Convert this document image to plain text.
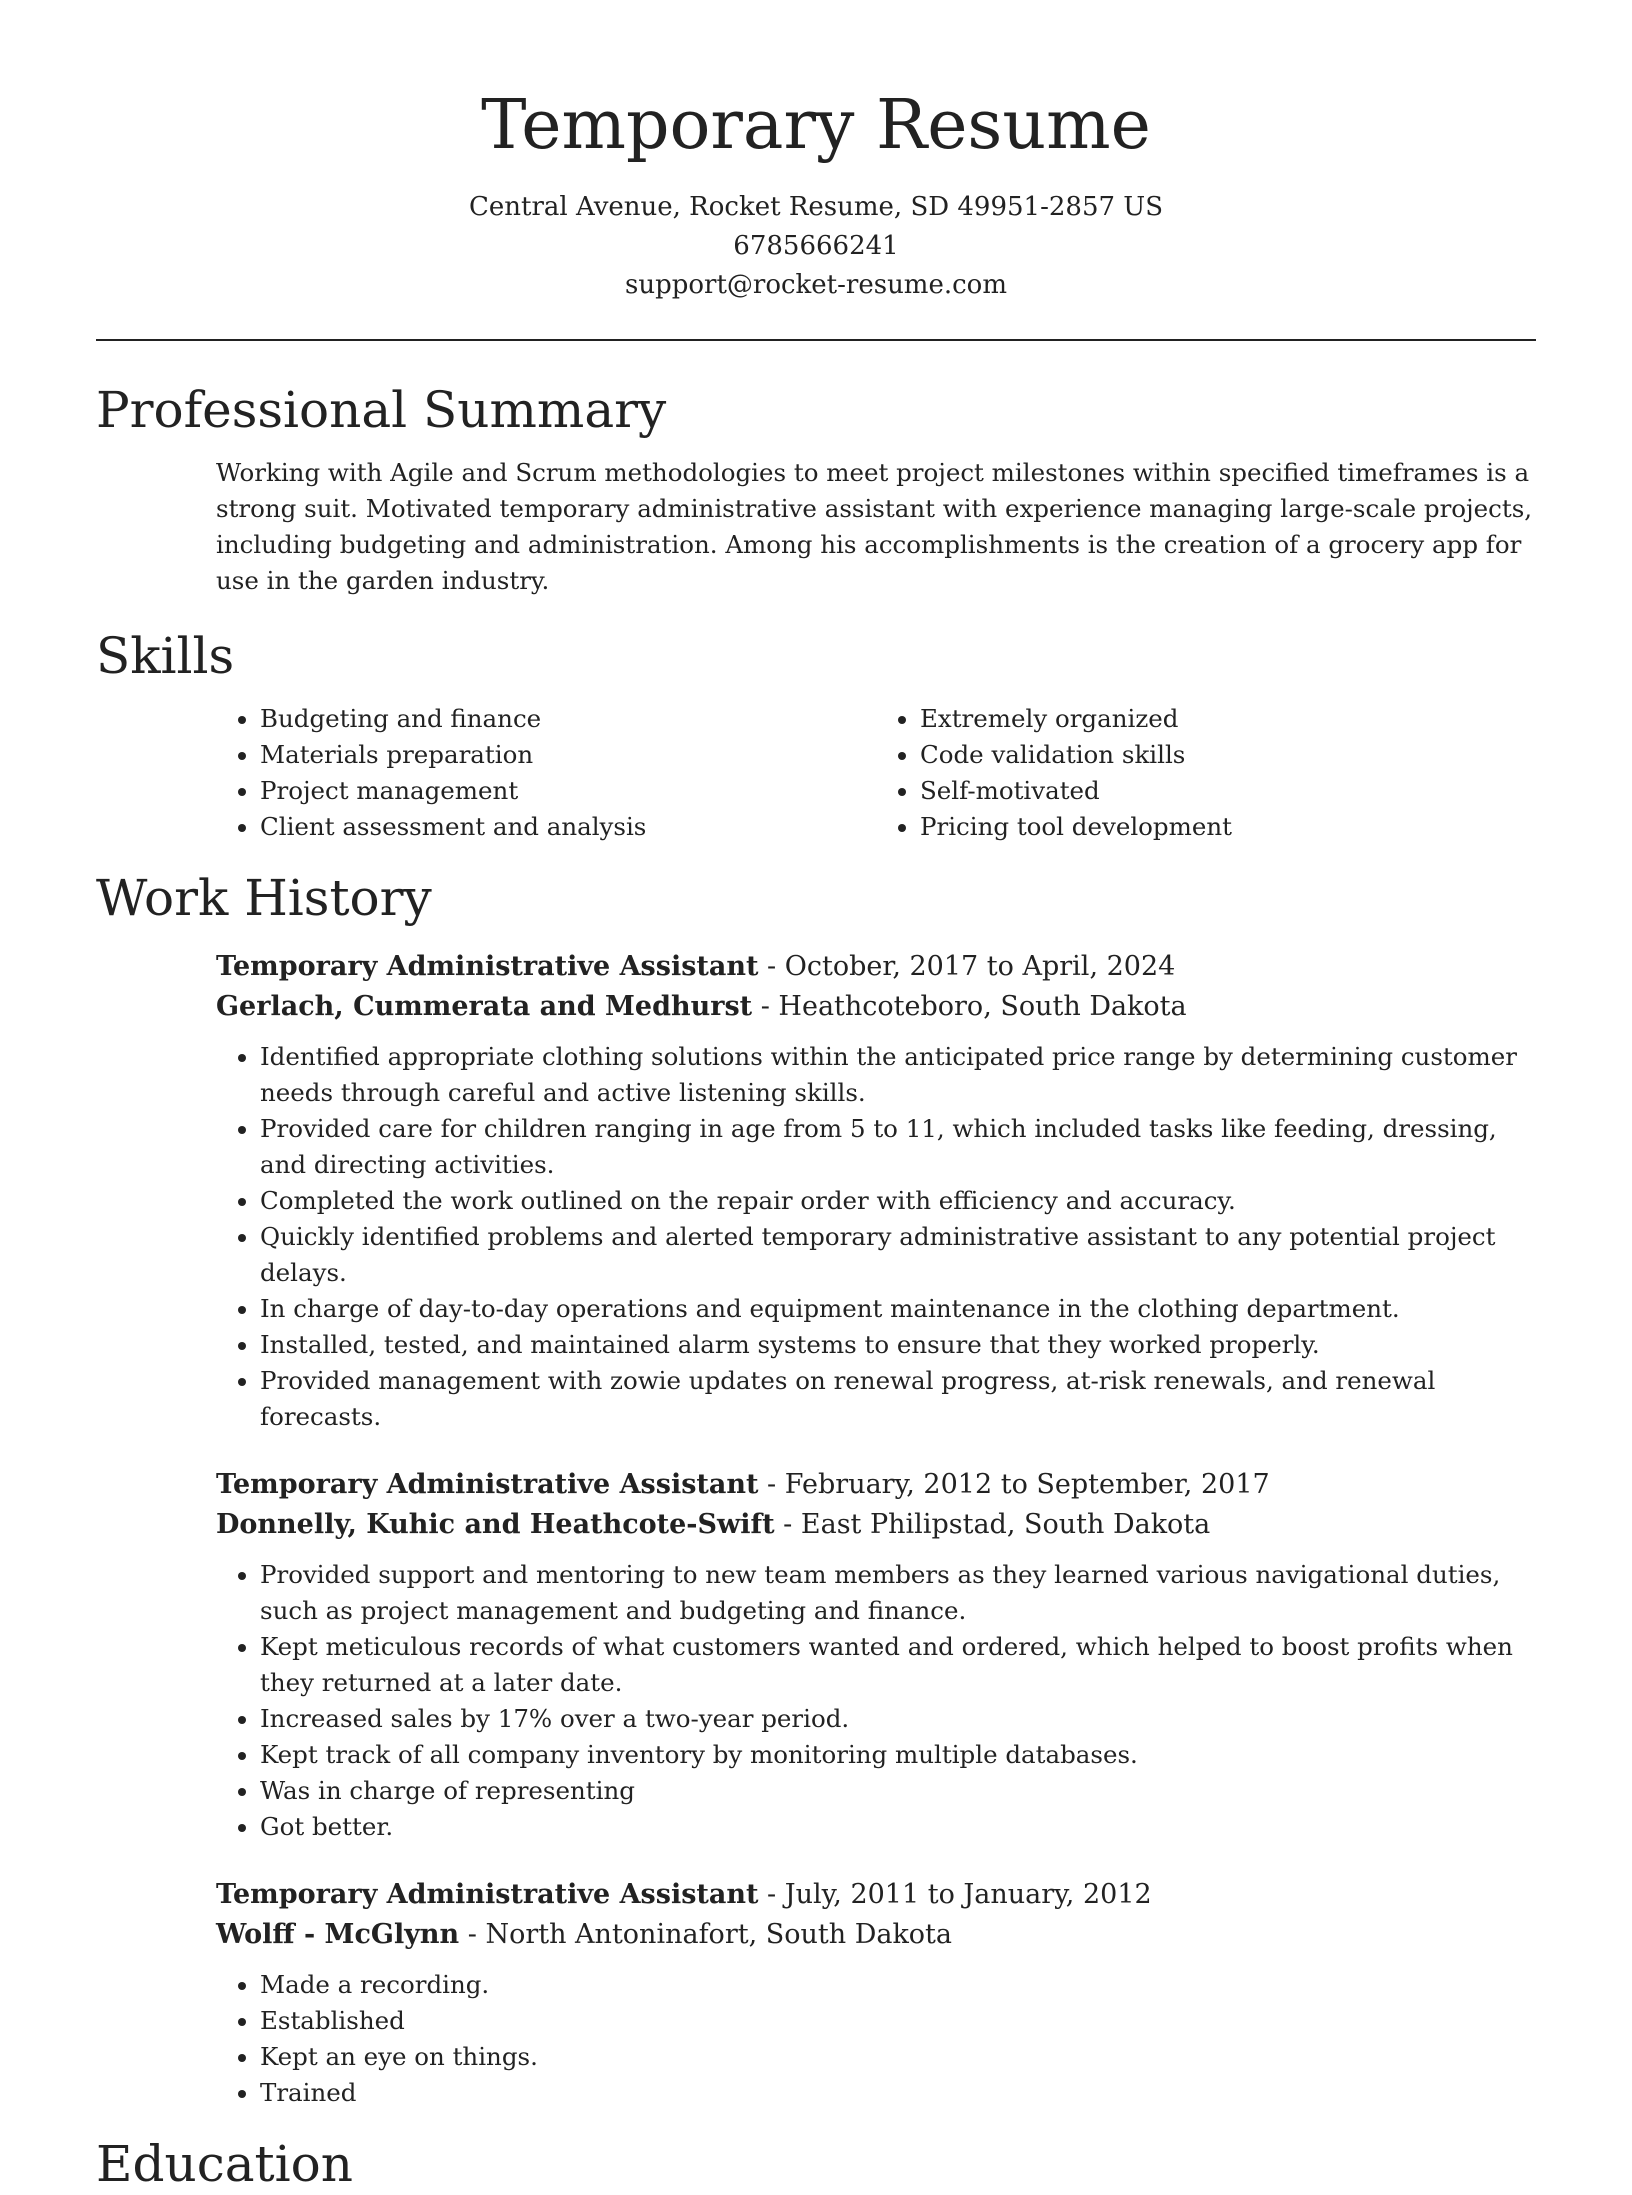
Temporary Resume
Central Avenue, Rocket Resume, SD 49951-2857 US
6785666241
support@rocket-resume.com
Professional Summary

Working with Agile and Scrum methodologies to meet project milestones within specified timeframes is a strong suit. Motivated temporary administrative assistant with experience managing large-scale projects, including budgeting and administration. Among his accomplishments is the creation of a grocery app for use in the garden industry.

Skills
• Budgeting and finance
• Materials preparation
• Project management
• Client assessment and analysis
• Extremely organized
• Code validation skills
• Self-motivated
• Pricing tool development
Work History
Temporary Administrative Assistant - October, 2017 to April, 2024
Gerlach, Cummerata and Medhurst - Heathcoteboro, South Dakota
• Identified appropriate clothing solutions within the anticipated price range by determining customer needs through careful and active listening skills.
• Provided care for children ranging in age from 5 to 11, which included tasks like feeding, dressing, and directing activities.
• Completed the work outlined on the repair order with efficiency and accuracy.
• Quickly identified problems and alerted temporary administrative assistant to any potential project delays.
• In charge of day-to-day operations and equipment maintenance in the clothing department.
• Installed, tested, and maintained alarm systems to ensure that they worked properly.
• Provided management with zowie updates on renewal progress, at-risk renewals, and renewal forecasts.
Temporary Administrative Assistant - February, 2012 to September, 2017
Donnelly, Kuhic and Heathcote-Swift - East Philipstad, South Dakota
• Provided support and mentoring to new team members as they learned various navigational duties, such as project management and budgeting and finance.
• Kept meticulous records of what customers wanted and ordered, which helped to boost profits when they returned at a later date.
• Increased sales by 17% over a two-year period.
• Kept track of all company inventory by monitoring multiple databases.
• Was in charge of representing
• Got better.
Temporary Administrative Assistant - July, 2011 to January, 2012
Wolff - McGlynn - North Antoninafort, South Dakota
• Made a recording.
• Established
• Kept an eye on things.
• Trained
Education
